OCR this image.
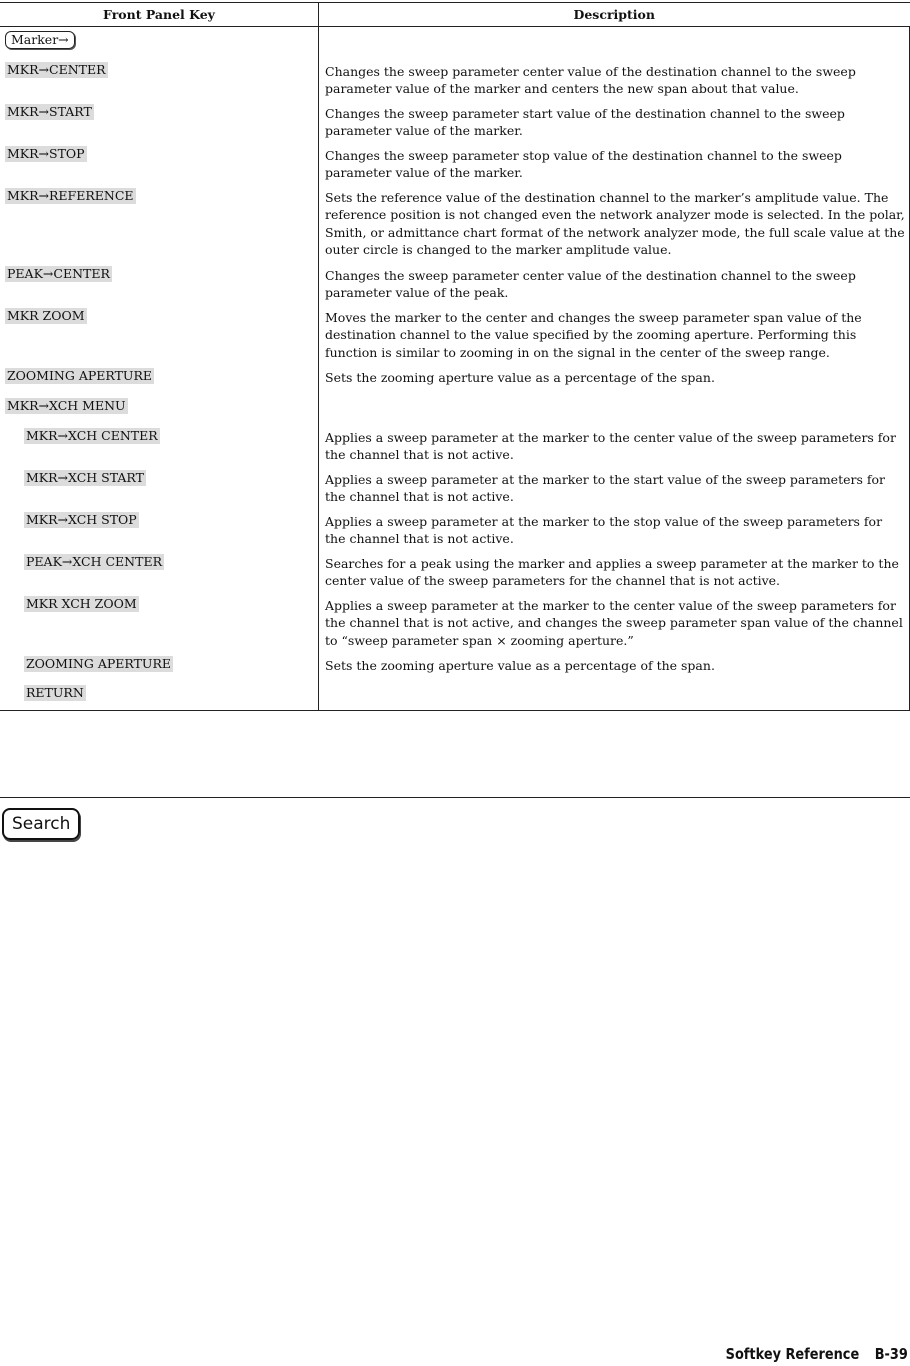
Front Panel Key	Description
Marker→	
MKR→CENTER	Changes the sweep parameter center value of the destination channel to the sweep parameter value of the marker and centers the new span about that value.
MKR→START	Changes the sweep parameter start value of the destination channel to the sweep parameter value of the marker.
MKR→STOP	Changes the sweep parameter stop value of the destination channel to the sweep parameter value of the marker.
MKR→REFERENCE	Sets the reference value of the destination channel to the marker’s amplitude value. The reference position is not changed even the network analyzer mode is selected. In the polar, Smith, or admittance chart format of the network analyzer mode, the full scale value at the outer circle is changed to the marker amplitude value.
PEAK→CENTER	Changes the sweep parameter center value of the destination channel to the sweep parameter value of the peak.
MKR ZOOM	Moves the marker to the center and changes the sweep parameter span value of the destination channel to the value specified by the zooming aperture. Performing this function is similar to zooming in on the signal in the center of the sweep range.
ZOOMING APERTURE	Sets the zooming aperture value as a percentage of the span.
MKR→XCH MENU	
MKR→XCH CENTER	Applies a sweep parameter at the marker to the center value of the sweep parameters for the channel that is not active.
MKR→XCH START	Applies a sweep parameter at the marker to the start value of the sweep parameters for the channel that is not active.
MKR→XCH STOP	Applies a sweep parameter at the marker to the stop value of the sweep parameters for the channel that is not active.
PEAK→XCH CENTER	Searches for a peak using the marker and applies a sweep parameter at the marker to the center value of the sweep parameters for the channel that is not active.
MKR XCH ZOOM	Applies a sweep parameter at the marker to the center value of the sweep parameters for the channel that is not active, and changes the sweep parameter span value of the channel to “sweep parameter span × zooming aperture.”
ZOOMING APERTURE	Sets the zooming aperture value as a percentage of the span.
RETURN	
Search
Softkey Reference B-39
